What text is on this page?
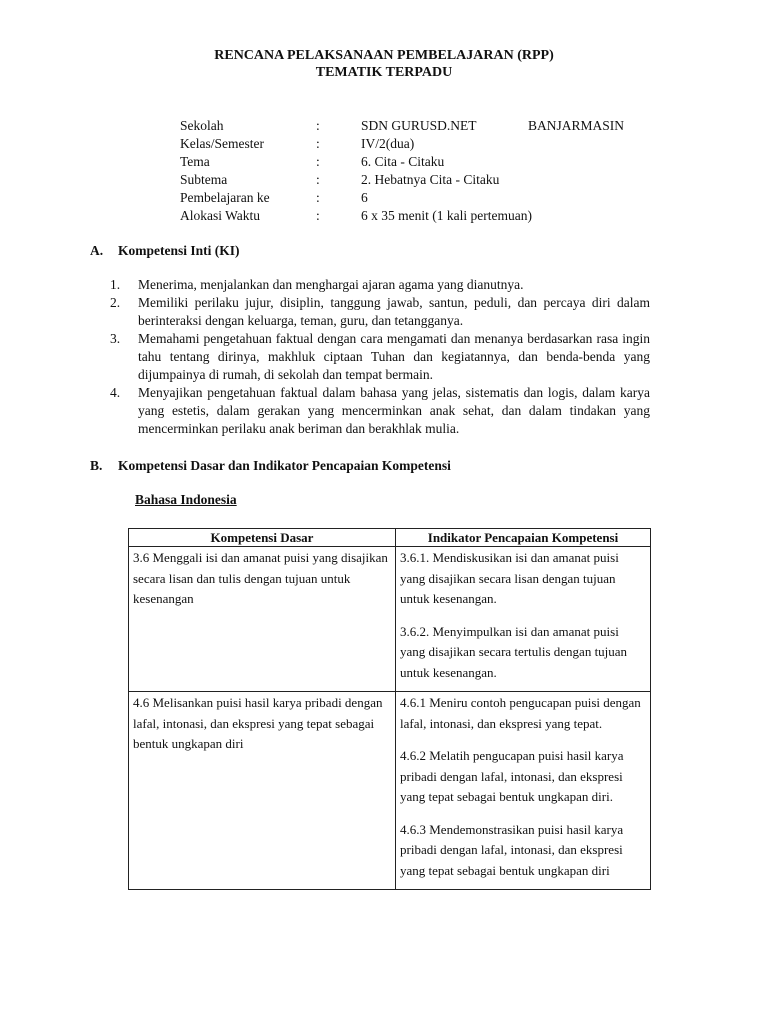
RENCANA PELAKSANAAN PEMBELAJARAN (RPP)
TEMATIK TERPADU
Sekolah	:	SDN GURUSD.NET	BANJARMASIN
Kelas/Semester	:	IV/2(dua)
Tema	:	6. Cita - Citaku
Subtema	:	2. Hebatnya Cita - Citaku
Pembelajaran ke	:	6
Alokasi Waktu	:	6 x 35 menit (1 kali pertemuan)
A. Kompetensi Inti (KI)
1. Menerima, menjalankan dan menghargai ajaran agama yang dianutnya.
2. Memiliki perilaku jujur, disiplin, tanggung jawab, santun, peduli, dan percaya diri dalam berinteraksi dengan keluarga, teman, guru, dan tetangganya.
3. Memahami pengetahuan faktual dengan cara mengamati dan menanya berdasarkan rasa ingin tahu tentang dirinya, makhluk ciptaan Tuhan dan kegiatannya, dan benda-benda yang dijumpainya di rumah, di sekolah dan tempat bermain.
4. Menyajikan pengetahuan faktual dalam bahasa yang jelas, sistematis dan logis, dalam karya yang estetis, dalam gerakan yang mencerminkan anak sehat, dan dalam tindakan yang mencerminkan perilaku anak beriman dan berakhlak mulia.
B. Kompetensi Dasar dan Indikator Pencapaian Kompetensi
Bahasa Indonesia
Kompetensi Dasar	Indikator Pencapaian Kompetensi
3.6 Menggali isi dan amanat puisi yang disajikan secara lisan dan tulis dengan tujuan untuk kesenangan	3.6.1. Mendiskusikan isi dan amanat puisi yang disajikan secara lisan dengan tujuan untuk kesenangan.

3.6.2. Menyimpulkan isi dan amanat puisi yang disajikan secara tertulis dengan tujuan untuk kesenangan.

4.6 Melisankan puisi hasil karya pribadi dengan lafal, intonasi, dan ekspresi yang tepat sebagai bentuk ungkapan diri	4.6.1 Meniru contoh pengucapan puisi dengan lafal, intonasi, dan ekspresi yang tepat.

4.6.2 Melatih pengucapan puisi hasil karya pribadi dengan lafal, intonasi, dan ekspresi yang tepat sebagai bentuk ungkapan diri.

4.6.3 Mendemonstrasikan puisi hasil karya pribadi dengan lafal, intonasi, dan ekspresi yang tepat sebagai bentuk ungkapan diri
